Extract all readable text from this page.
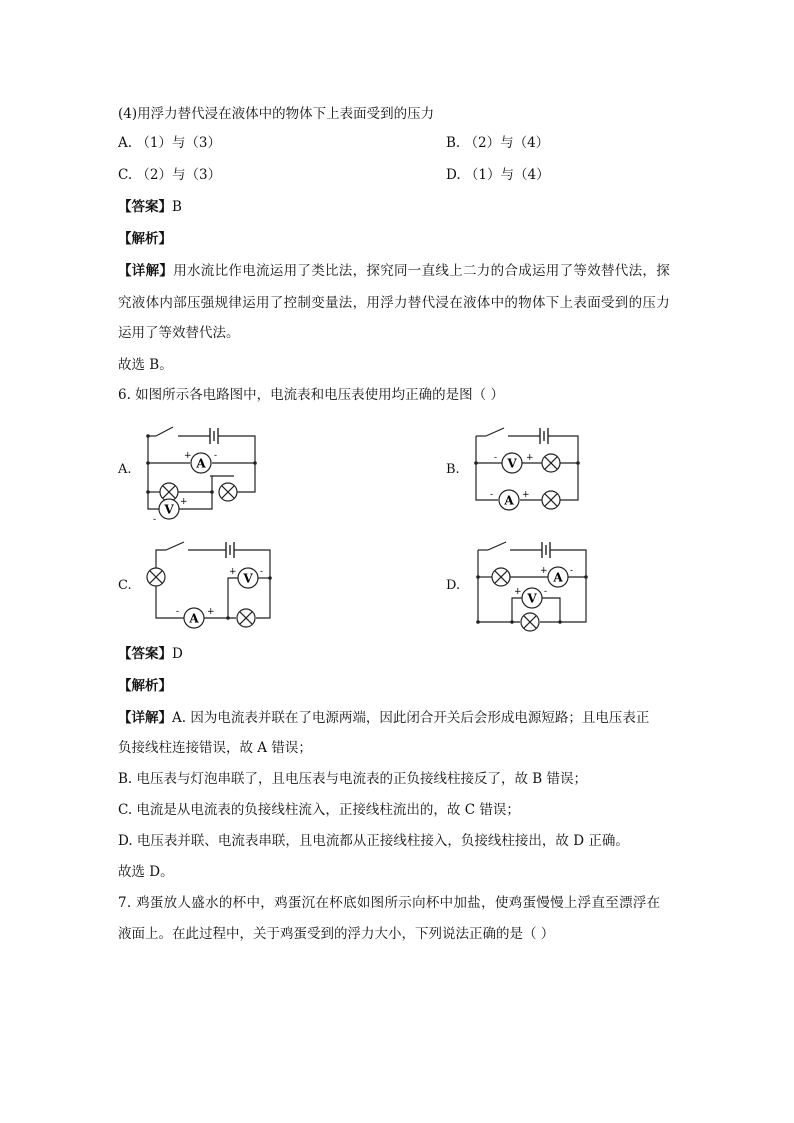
(4)用浮力替代浸在液体中的物体下上表面受到的压力
A. （1）与（3）	B. （2）与（4）
C. （2）与（3）	D. （1）与（4）
【答案】B
【解析】
【详解】用水流比作电流运用了类比法，探究同一直线上二力的合成运用了等效替代法，探
究液体内部压强规律运用了控制变量法，用浮力替代浸在液体中的物体下上表面受到的压力
运用了等效替代法。
故选 B。
6. 如图所示各电路图中，电流表和电压表使用均正确的是图（ ）
A.	B.
C.	D.
A
+ -
V
-
+
V
-	+
A
-	+
V
+	-
A
-	+
A
+ -
V
+ -
【答案】D
【解析】
【详解】A. 因为电流表并联在了电源两端，因此闭合开关后会形成电源短路；且电压表正
负接线柱连接错误，故 A 错误；
B. 电压表与灯泡串联了，且电压表与电流表的正负接线柱接反了，故 B 错误；
C. 电流是从电流表的负接线柱流入，正接线柱流出的，故 C 错误；
D. 电压表并联、电流表串联，且电流都从正接线柱接入，负接线柱接出，故 D 正确。
故选 D。
7. 鸡蛋放人盛水的杯中，鸡蛋沉在杯底如图所示向杯中加盐，使鸡蛋慢慢上浮直至漂浮在
液面上。在此过程中，关于鸡蛋受到的浮力大小，下列说法正确的是（ ）
